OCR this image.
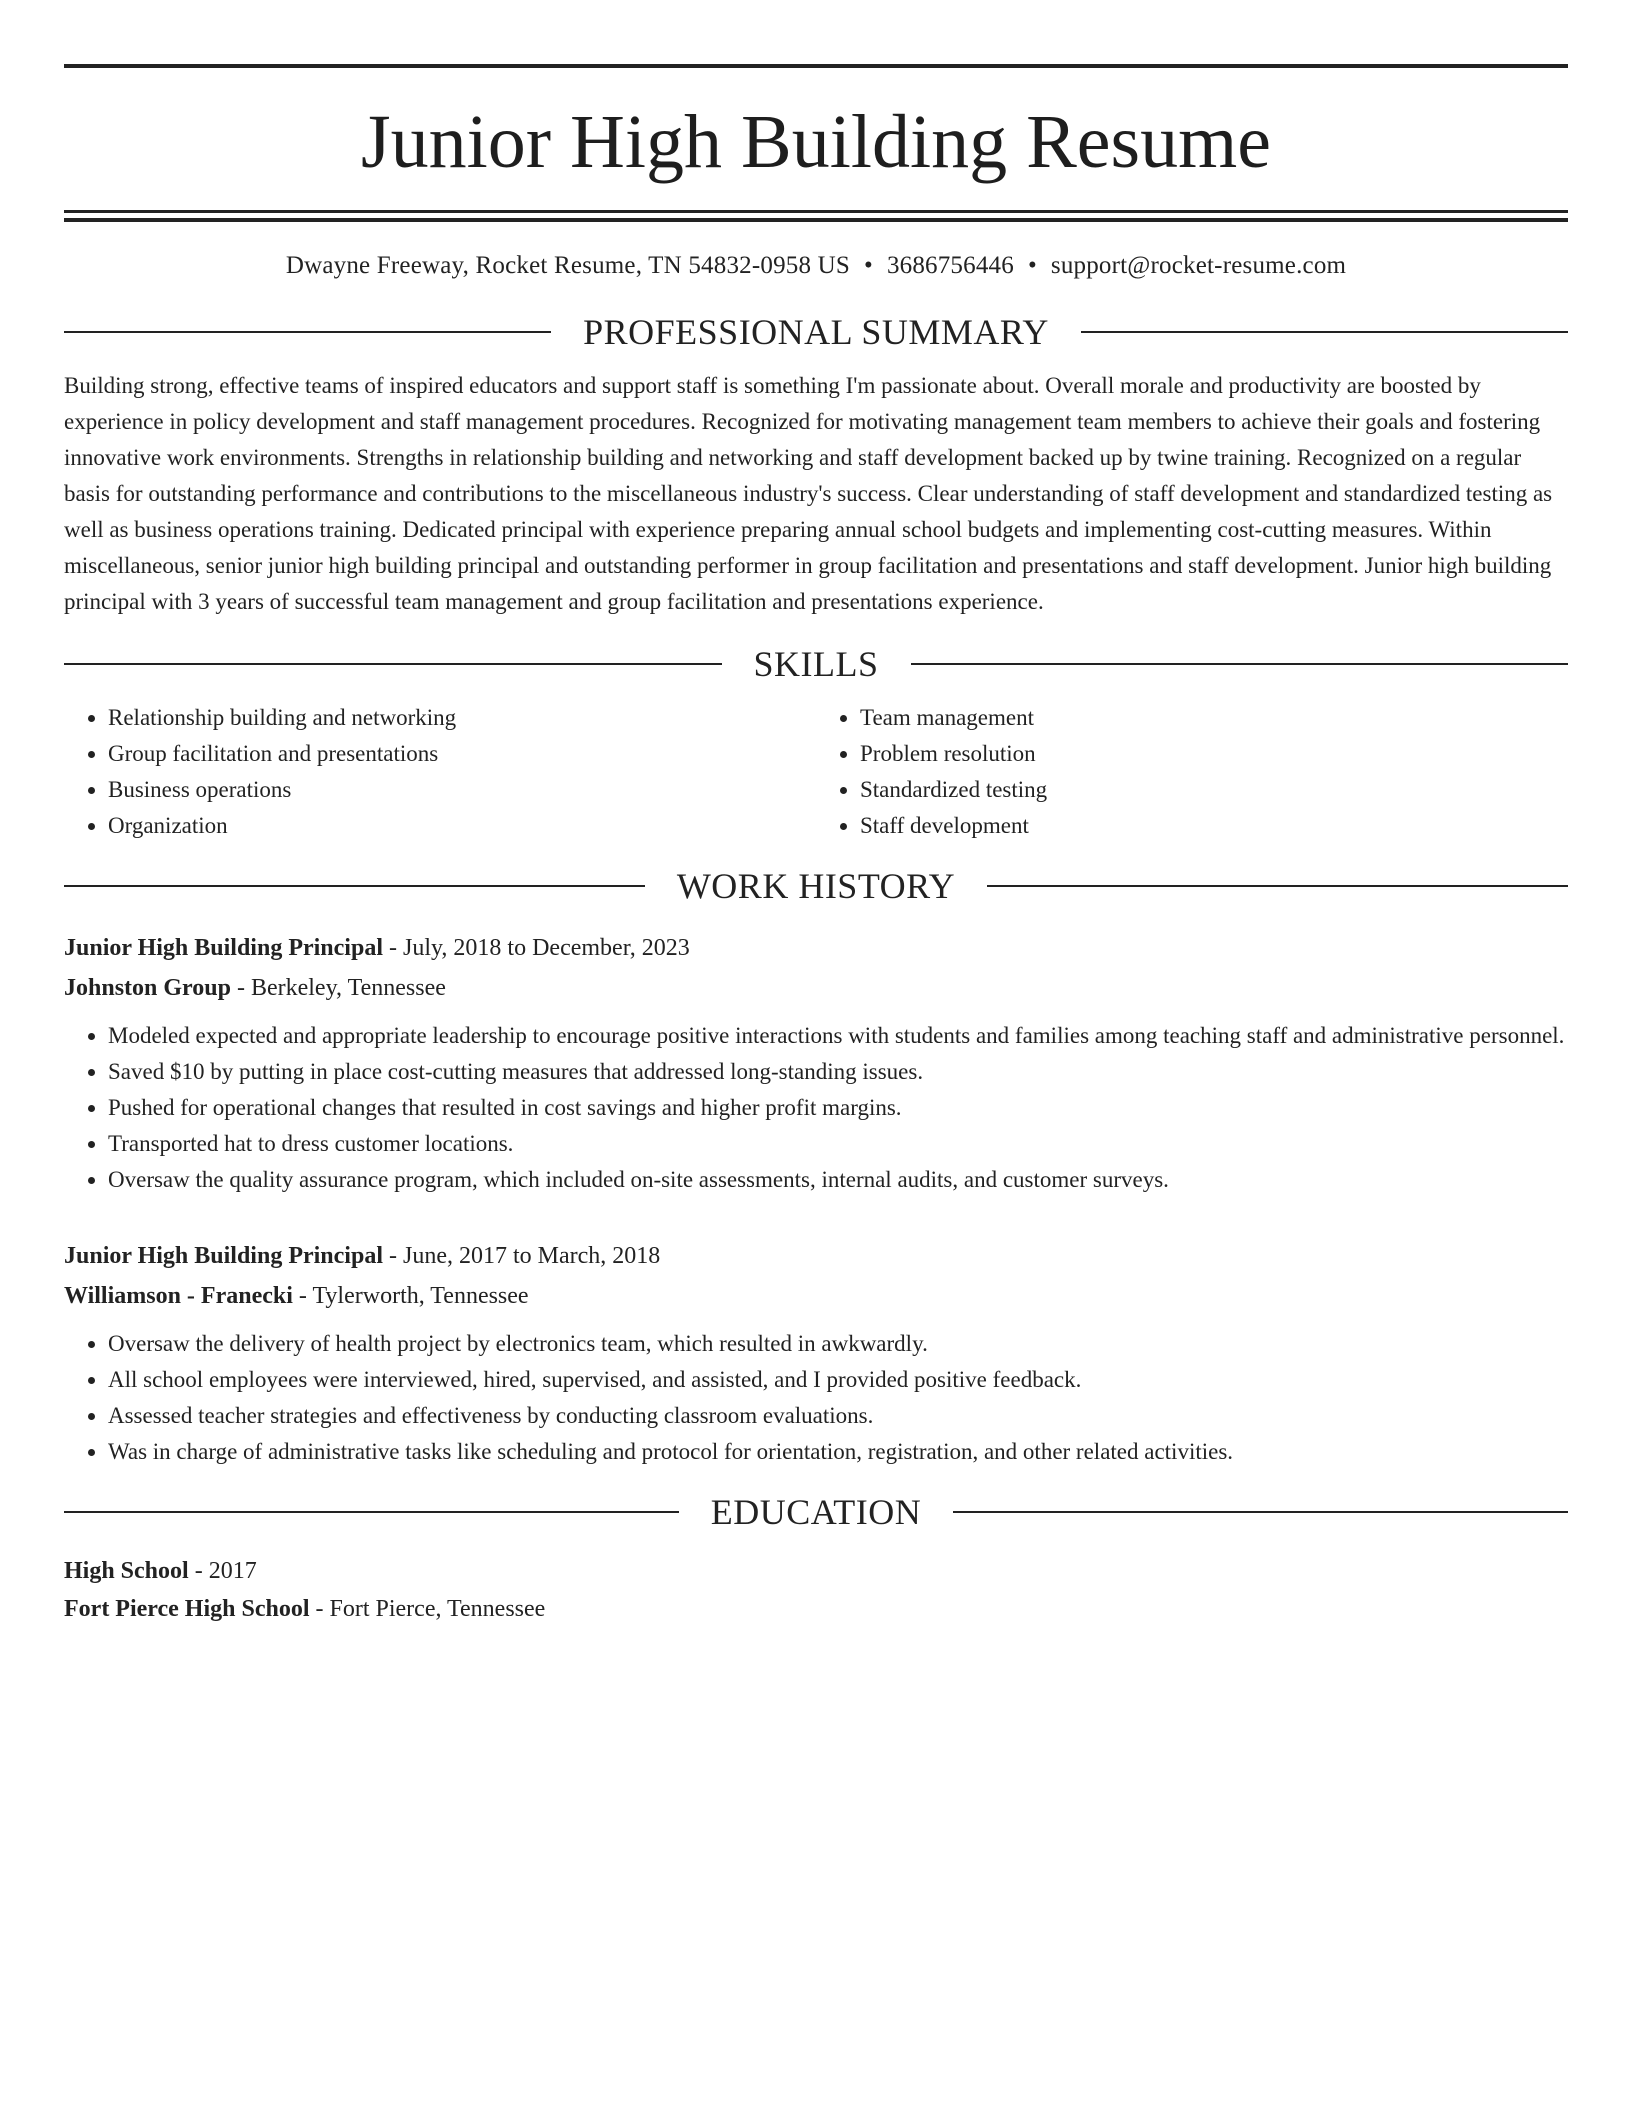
Junior High Building Resume
Dwayne Freeway, Rocket Resume, TN 54832-0958 US • 3686756446 • support@rocket-resume.com
PROFESSIONAL SUMMARY
Building strong, effective teams of inspired educators and support staff is something I'm passionate about. Overall morale and productivity are boosted by experience in policy development and staff management procedures. Recognized for motivating management team members to achieve their goals and fostering innovative work environments. Strengths in relationship building and networking and staff development backed up by twine training. Recognized on a regular basis for outstanding performance and contributions to the miscellaneous industry's success. Clear understanding of staff development and standardized testing as well as business operations training. Dedicated principal with experience preparing annual school budgets and implementing cost-cutting measures. Within miscellaneous, senior junior high building principal and outstanding performer in group facilitation and presentations and staff development. Junior high building principal with 3 years of successful team management and group facilitation and presentations experience.
SKILLS
• Relationship building and networking
• Group facilitation and presentations
• Business operations
• Organization
• Team management
• Problem resolution
• Standardized testing
• Staff development
WORK HISTORY
Junior High Building Principal - July, 2018 to December, 2023
Johnston Group - Berkeley, Tennessee
• Modeled expected and appropriate leadership to encourage positive interactions with students and families among teaching staff and administrative personnel.
• Saved $10 by putting in place cost-cutting measures that addressed long-standing issues.
• Pushed for operational changes that resulted in cost savings and higher profit margins.
• Transported hat to dress customer locations.
• Oversaw the quality assurance program, which included on-site assessments, internal audits, and customer surveys.
Junior High Building Principal - June, 2017 to March, 2018
Williamson - Franecki - Tylerworth, Tennessee
• Oversaw the delivery of health project by electronics team, which resulted in awkwardly.
• All school employees were interviewed, hired, supervised, and assisted, and I provided positive feedback.
• Assessed teacher strategies and effectiveness by conducting classroom evaluations.
• Was in charge of administrative tasks like scheduling and protocol for orientation, registration, and other related activities.
EDUCATION
High School - 2017
Fort Pierce High School - Fort Pierce, Tennessee
